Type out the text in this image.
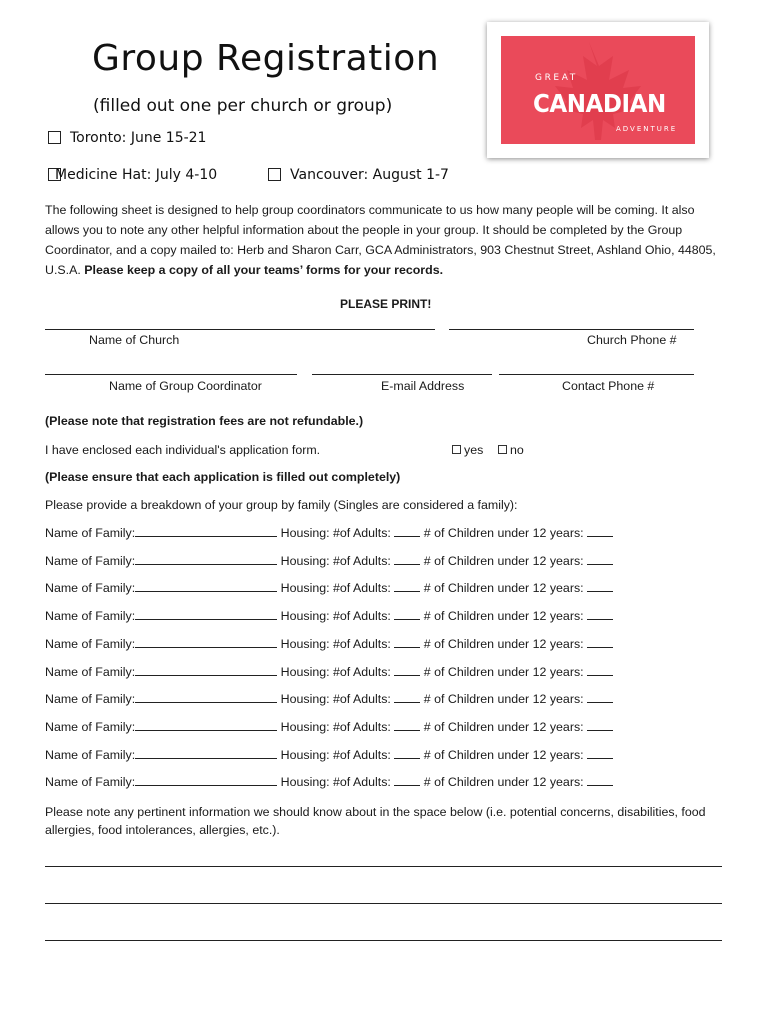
Group Registration
(filled out one per church or group)
GREAT
CANADIAN
ADVENTURE
Toronto: June 15-21
Medicine Hat: July 4-10	Vancouver: August 1-7
The following sheet is designed to help group coordinators communicate to us how many people will be coming. It also allows you to note any other helpful information about the people in your group. It should be completed by the Group Coordinator, and a copy mailed to: Herb and Sharon Carr, GCA Administrators, 903 Chestnut Street, Ashland Ohio, 44805, U.S.A. Please keep a copy of all your teams’ forms for your records.
PLEASE PRINT!
Name of Church	Church Phone #
Name of Group Coordinator	E-mail Address	Contact Phone #
(Please note that registration fees are not refundable.)
I have enclosed each individual's application form.	yes	no
(Please ensure that each application is filled out completely)
Please provide a breakdown of your group by family (Singles are considered a family):
Name of Family:	Housing: #of Adults:	# of Children under 12 years:
Name of Family:	Housing: #of Adults:	# of Children under 12 years:
Name of Family:	Housing: #of Adults:	# of Children under 12 years:
Name of Family:	Housing: #of Adults:	# of Children under 12 years:
Name of Family:	Housing: #of Adults:	# of Children under 12 years:
Name of Family:	Housing: #of Adults:	# of Children under 12 years:
Name of Family:	Housing: #of Adults:	# of Children under 12 years:
Name of Family:	Housing: #of Adults:	# of Children under 12 years:
Name of Family:	Housing: #of Adults:	# of Children under 12 years:
Name of Family:	Housing: #of Adults:	# of Children under 12 years:
Please note any pertinent information we should know about in the space below (i.e. potential concerns, disabilities, food allergies, food intolerances, allergies, etc.).
